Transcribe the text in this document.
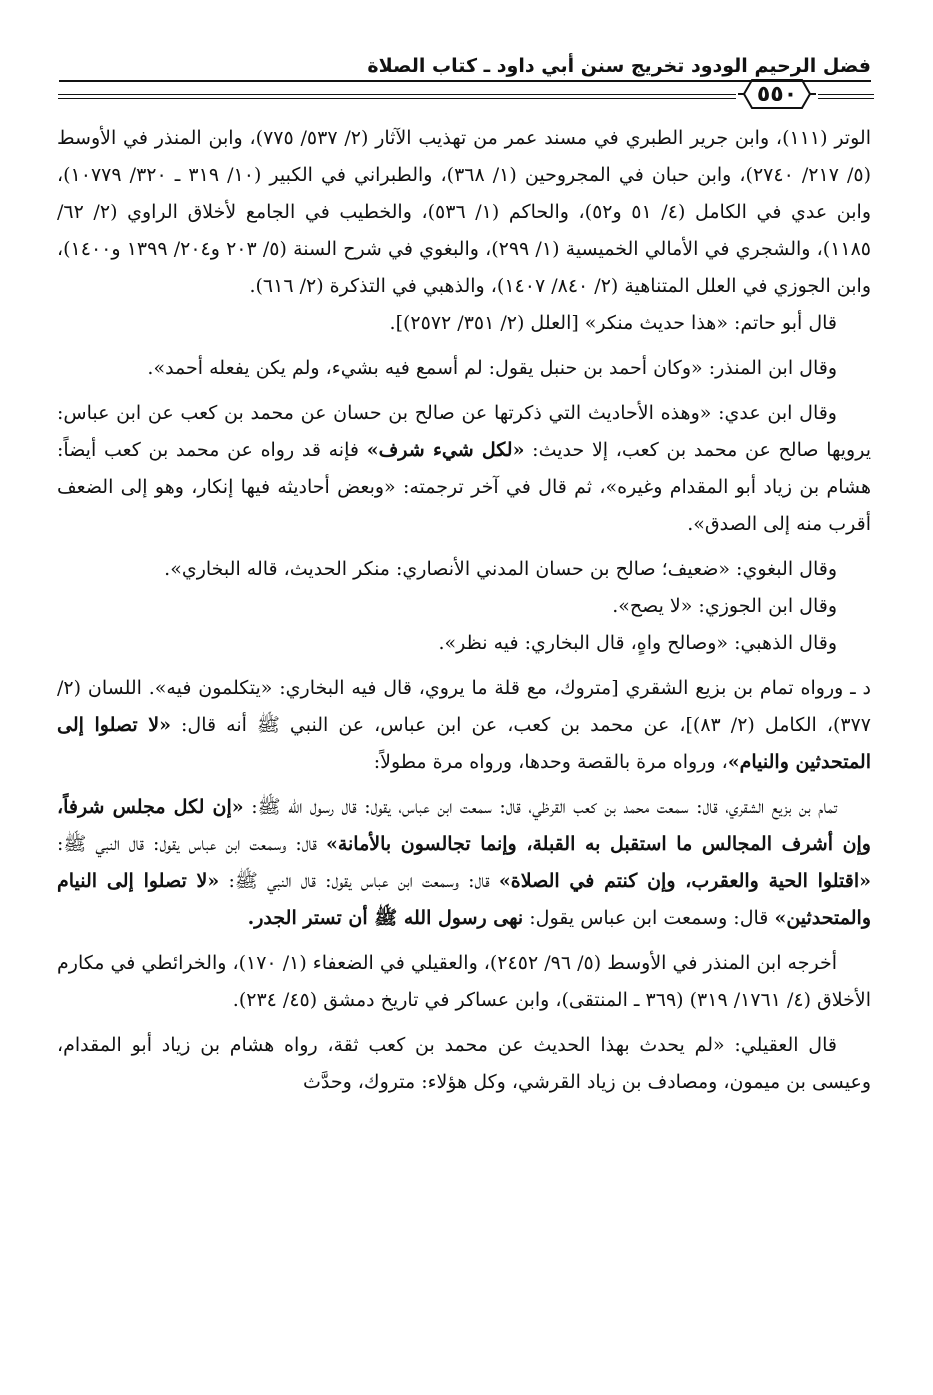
فضل الرحيم الودود تخريج سنن أبي داود ـ كتاب الصلاة
٥٥٠

الوتر (١١١)، وابن جرير الطبري في مسند عمر من تهذيب الآثار (٢/ ٥٣٧/ ٧٧٥)، وابن المنذر في الأوسط (٥/ ٢١٧/ ٢٧٤٠)، وابن حبان في المجروحين (١/ ٣٦٨)، والطبراني في الكبير (١٠/ ٣١٩ ـ ٣٢٠/ ١٠٧٧٩)، وابن عدي في الكامل (٤/ ٥١ و٥٢)، والحاكم (١/ ٥٣٦)، والخطيب في الجامع لأخلاق الراوي (٢/ ٦٢/ ١١٨٥)، والشجري في الأمالي الخميسية (١/ ٢٩٩)، والبغوي في شرح السنة (٥/ ٢٠٣ و٢٠٤/ ١٣٩٩ و١٤٠٠)، وابن الجوزي في العلل المتناهية (٢/ ٨٤٠/ ١٤٠٧)، والذهبي في التذكرة (٢/ ٦١٦).

قال أبو حاتم: «هذا حديث منكر» [العلل (٢/ ٣٥١/ ٢٥٧٢)].

وقال ابن المنذر: «وكان أحمد بن حنبل يقول: لم أسمع فيه بشيء، ولم يكن يفعله أحمد».

وقال ابن عدي: «وهذه الأحاديث التي ذكرتها عن صالح بن حسان عن محمد بن كعب عن ابن عباس: يرويها صالح عن محمد بن كعب، إلا حديث: «لكل شيء شرف» فإنه قد رواه عن محمد بن كعب أيضاً: هشام بن زياد أبو المقدام وغيره»، ثم قال في آخر ترجمته: «وبعض أحاديثه فيها إنكار، وهو إلى الضعف أقرب منه إلى الصدق».

وقال البغوي: «ضعيف؛ صالح بن حسان المدني الأنصاري: منكر الحديث، قاله البخاري».

وقال ابن الجوزي: «لا يصح».

وقال الذهبي: «وصالح واهٍ، قال البخاري: فيه نظر».

د ـ ورواه تمام بن بزيع الشقري [متروك، مع قلة ما يروي، قال فيه البخاري: «يتكلمون فيه». اللسان (٢/ ٣٧٧)، الكامل (٢/ ٨٣)]، عن محمد بن كعب، عن ابن عباس، عن النبي ﷺ أنه قال: «لا تصلوا إلى المتحدثين والنيام»، ورواه مرة بالقصة وحدها، ورواه مرة مطولاً:

تمام بن بزيع الشقري، قال: سمعت محمد بن كعب القرظي، قال: سمعت ابن عباس، يقول: قال رسول الله ﷺ: «إن لكل مجلس شرفاً، وإن أشرف المجالس ما استقبل به القبلة، وإنما تجالسون بالأمانة» قال: وسمعت ابن عباس يقول: قال النبي ﷺ: «اقتلوا الحية والعقرب، وإن كنتم في الصلاة» قال: وسمعت ابن عباس يقول: قال النبي ﷺ: «لا تصلوا إلى النيام والمتحدثين» قال: وسمعت ابن عباس يقول: نهى رسول الله ﷺ أن تستر الجدر.

أخرجه ابن المنذر في الأوسط (٥/ ٩٦/ ٢٤٥٢)، والعقيلي في الضعفاء (١/ ١٧٠)، والخرائطي في مكارم الأخلاق (٤/ ١٧٦١/ ٣١٩) (٣٦٩ ـ المنتقى)، وابن عساكر في تاريخ دمشق (٤٥/ ٢٣٤).

قال العقيلي: «لم يحدث بهذا الحديث عن محمد بن كعب ثقة، رواه هشام بن زياد أبو المقدام، وعيسى بن ميمون، ومصادف بن زياد القرشي، وكل هؤلاء: متروك، وحدَّث
